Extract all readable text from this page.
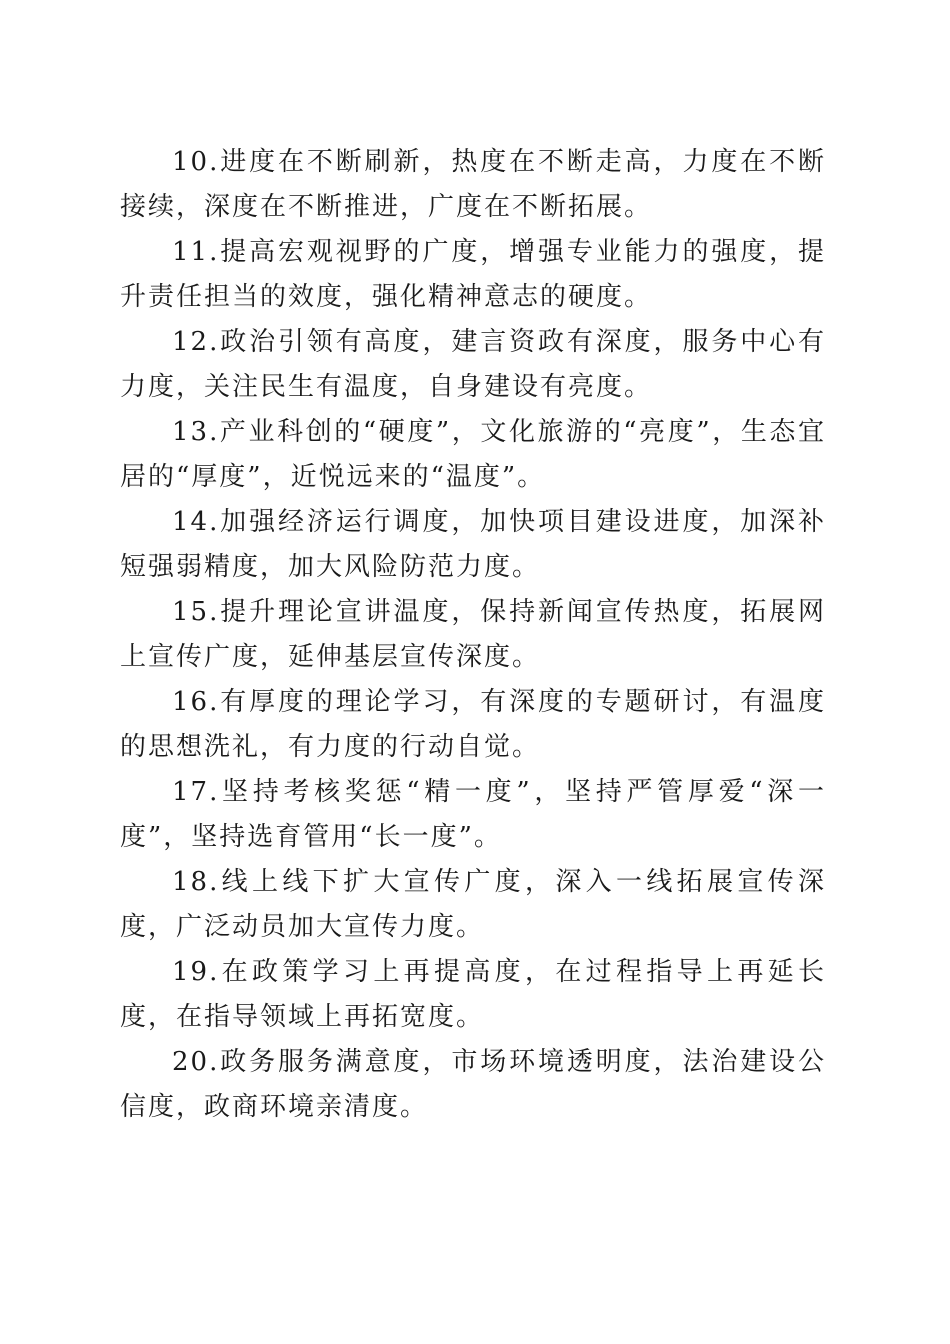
10.进度在不断刷新，热度在不断走高，力度在不断接续，深度在不断推进，广度在不断拓展。

11.提高宏观视野的广度，增强专业能力的强度，提升责任担当的效度，强化精神意志的硬度。

12.政治引领有高度，建言资政有深度，服务中心有力度，关注民生有温度，自身建设有亮度。

13.产业科创的“硬度”，文化旅游的“亮度”，生态宜居的“厚度”，近悦远来的“温度”。

14.加强经济运行调度，加快项目建设进度，加深补短强弱精度，加大风险防范力度。

15.提升理论宣讲温度，保持新闻宣传热度，拓展网上宣传广度，延伸基层宣传深度。

16.有厚度的理论学习，有深度的专题研讨，有温度的思想洗礼，有力度的行动自觉。

17.坚持考核奖惩“精一度”，坚持严管厚爱“深一度”，坚持选育管用“长一度”。

18.线上线下扩大宣传广度，深入一线拓展宣传深度，广泛动员加大宣传力度。

19.在政策学习上再提高度，在过程指导上再延长度，在指导领域上再拓宽度。

20.政务服务满意度，市场环境透明度，法治建设公信度，政商环境亲清度。
